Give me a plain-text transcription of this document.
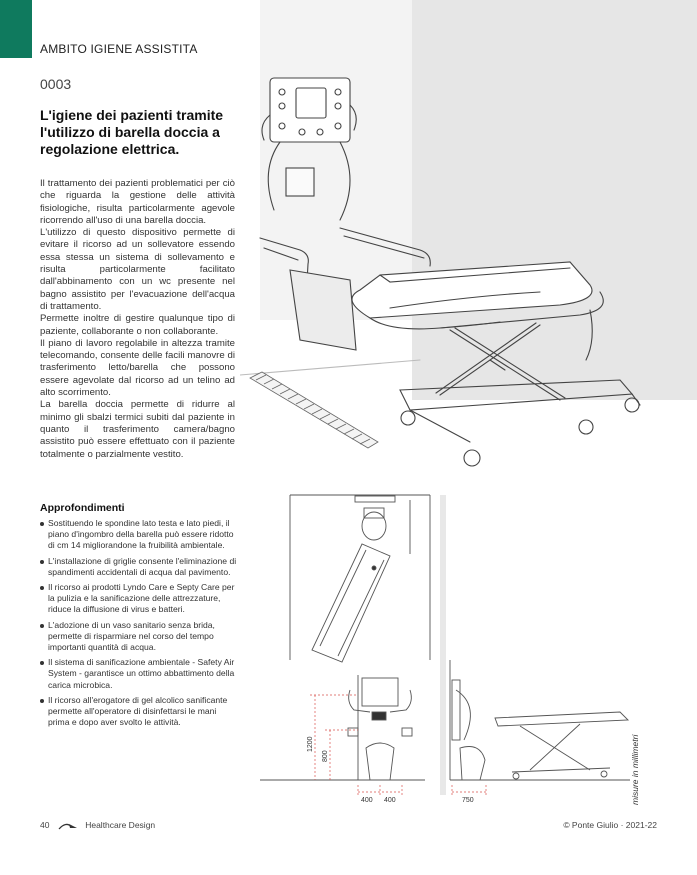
AMBITO IGIENE ASSISTITA
0003
L'igiene dei pazienti tramite l'utilizzo di barella doccia a regolazione elettrica.

Il trattamento dei pazienti problematici per ciò che riguarda la gestione delle attività fisiologiche, risulta particolarmente agevole ricorrendo all'uso di una barella doccia.

L'utilizzo di questo dispositivo permette di evitare il ricorso ad un sollevatore essendo essa stessa un sistema di sollevamento e risulta particolarmente facilitato dall'abbinamento con un wc presente nel bagno assistito per l'evacuazione dell'acqua di trattamento.

Permette inoltre di gestire qualunque tipo di paziente, collaborante o non collaborante.

Il piano di lavoro regolabile in altezza tramite telecomando, consente delle facili manovre di trasferimento letto/barella che possono essere agevolate dal ricorso ad un telino ad alto scorrimento.

La barella doccia permette di ridurre al minimo gli sbalzi termici subiti dal paziente in quanto il trasferimento camera/bagno assistito può essere effettuato con il paziente totalmente o parzialmente vestito.

Approfondimenti
Sostituendo le spondine lato testa e lato piedi, il piano d'ingombro della barella può essere ridotto di cm 14 migliorandone la fruibilità ambientale.
L'installazione di griglie consente l'eliminazione di spandimenti accidentali di acqua dal pavimento.
Il ricorso ai prodotti Lyndo Care e Septy Care per la pulizia e la sanificazione delle attrezzature, riduce la diffusione di virus e batteri.
L'adozione di un vaso sanitario senza brida, permette di risparmiare nel corso del tempo importanti quantità di acqua.
Il sistema di sanificazione ambientale - Safety Air System - garantisce un ottimo abbattimento della carica microbica.
Il ricorso all'erogatore di gel alcolico sanificante permette all'operatore di disinfettarsi le mani prima e dopo aver svolto le attività.
1200
800
400 400	750	misure in millimetri
40	Healthcare Design	© Ponte Giulio · 2021-22
